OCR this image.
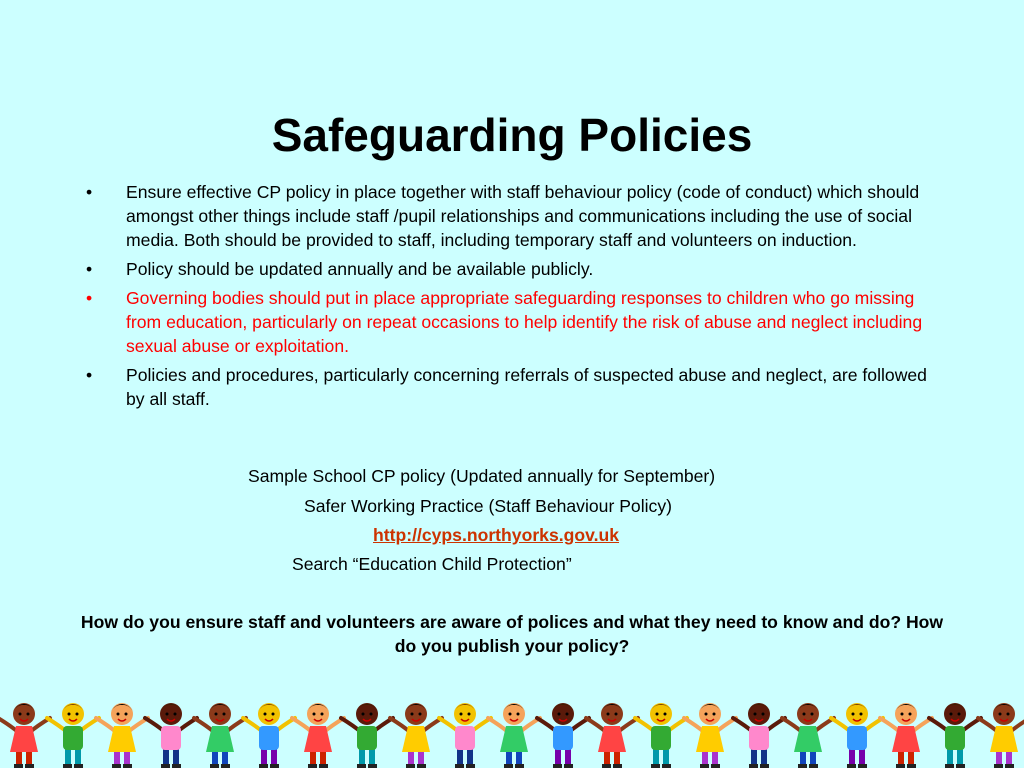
Safeguarding Policies
• Ensure effective CP policy in place together with staff behaviour policy (code of conduct) which should amongst other things include staff /pupil relationships and communications including the use of social media. Both should be provided to staff, including temporary staff and volunteers on induction.
• Policy should be updated annually and be available publicly.
• Governing bodies should put in place appropriate safeguarding responses to children who go missing from education, particularly on repeat occasions to help identify the risk of abuse and neglect including sexual abuse or exploitation.
• Policies and procedures, particularly concerning referrals of suspected abuse and neglect, are followed by all staff.
Sample School CP policy (Updated annually for September)
Safer Working Practice (Staff Behaviour Policy)
http://cyps.northyorks.gov.uk
Search “Education Child Protection”
How do you ensure staff and volunteers are aware of polices and what they need to know and do? How do you publish your policy?
